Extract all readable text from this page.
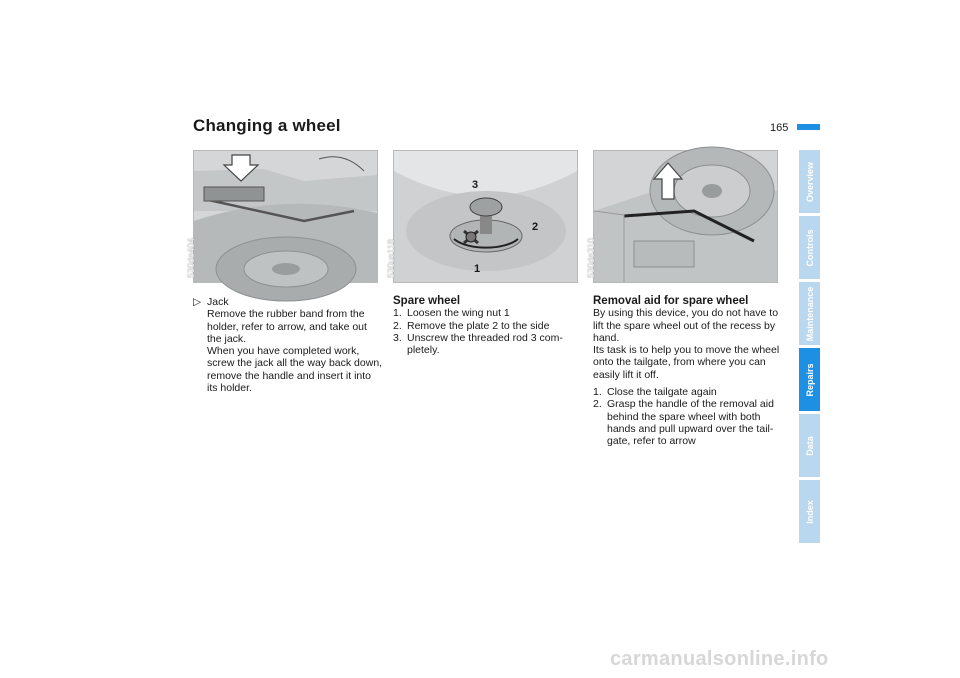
Changing a wheel	165
530de404	530us118
3
2
1	530de310
▷ Jack

Remove the rubber band from the holder, refer to arrow, and take out the jack.

When you have completed work, screw the jack all the way back down, remove the handle and insert it into its holder.

Spare wheel

1. Loosen the wing nut 1
2. Remove the plate 2 to the side
3. Unscrew the threaded rod 3 com-pletely.

Removal aid for spare wheel

By using this device, you do not have to lift the spare wheel out of the recess by hand.

Its task is to help you to move the wheel onto the tailgate, from where you can easily lift it off.

1. Close the tailgate again
2. Grasp the handle of the removal aid behind the spare wheel with both hands and pull upward over the tail-gate, refer to arrow
Overview
Controls
Maintenance
Repairs
Data
Index
carmanualsonline.info
